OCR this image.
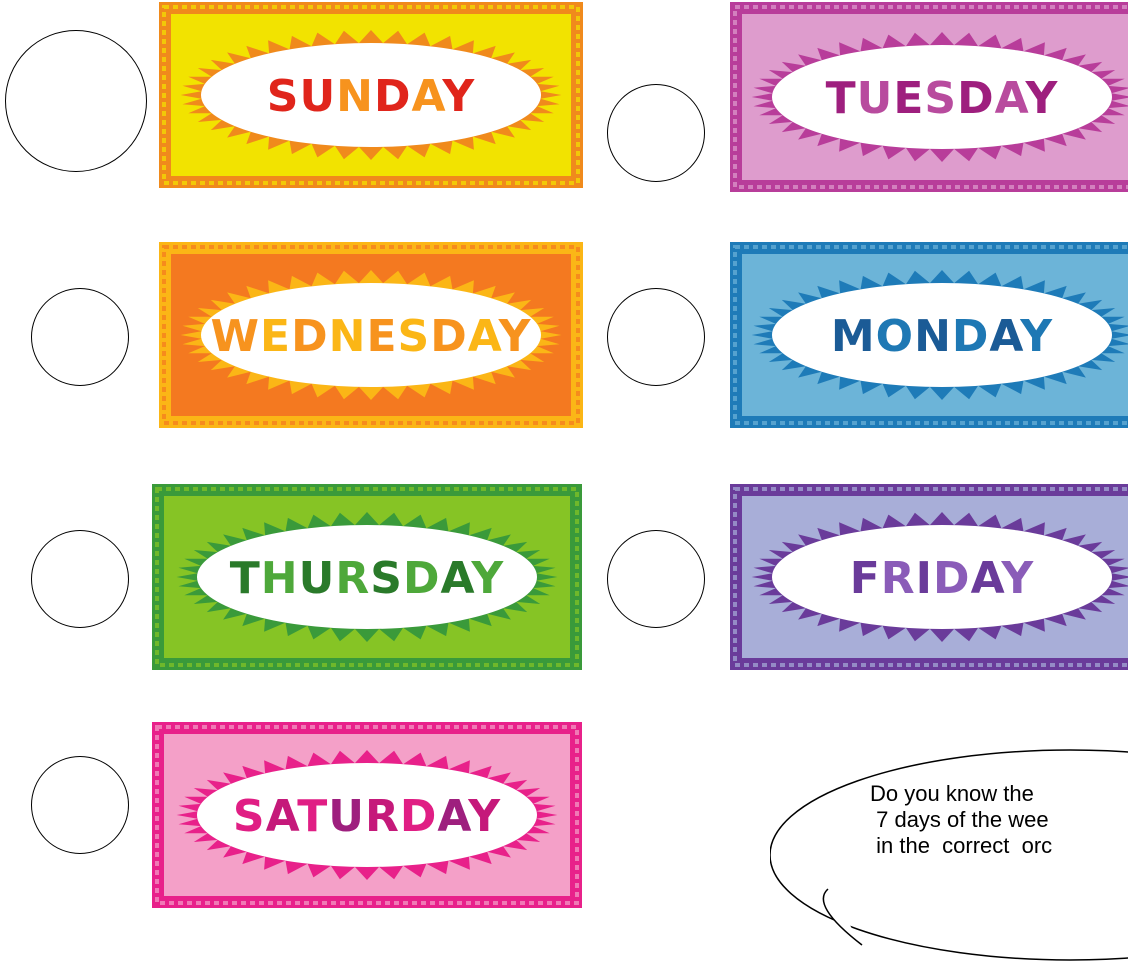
SUNDAY	TUESDAY
WEDNESDAY	MONDAY
THURSDAY	FRIDAY
SATURDAY	Do you know the
7 days of the wee
in the  correct  orc
